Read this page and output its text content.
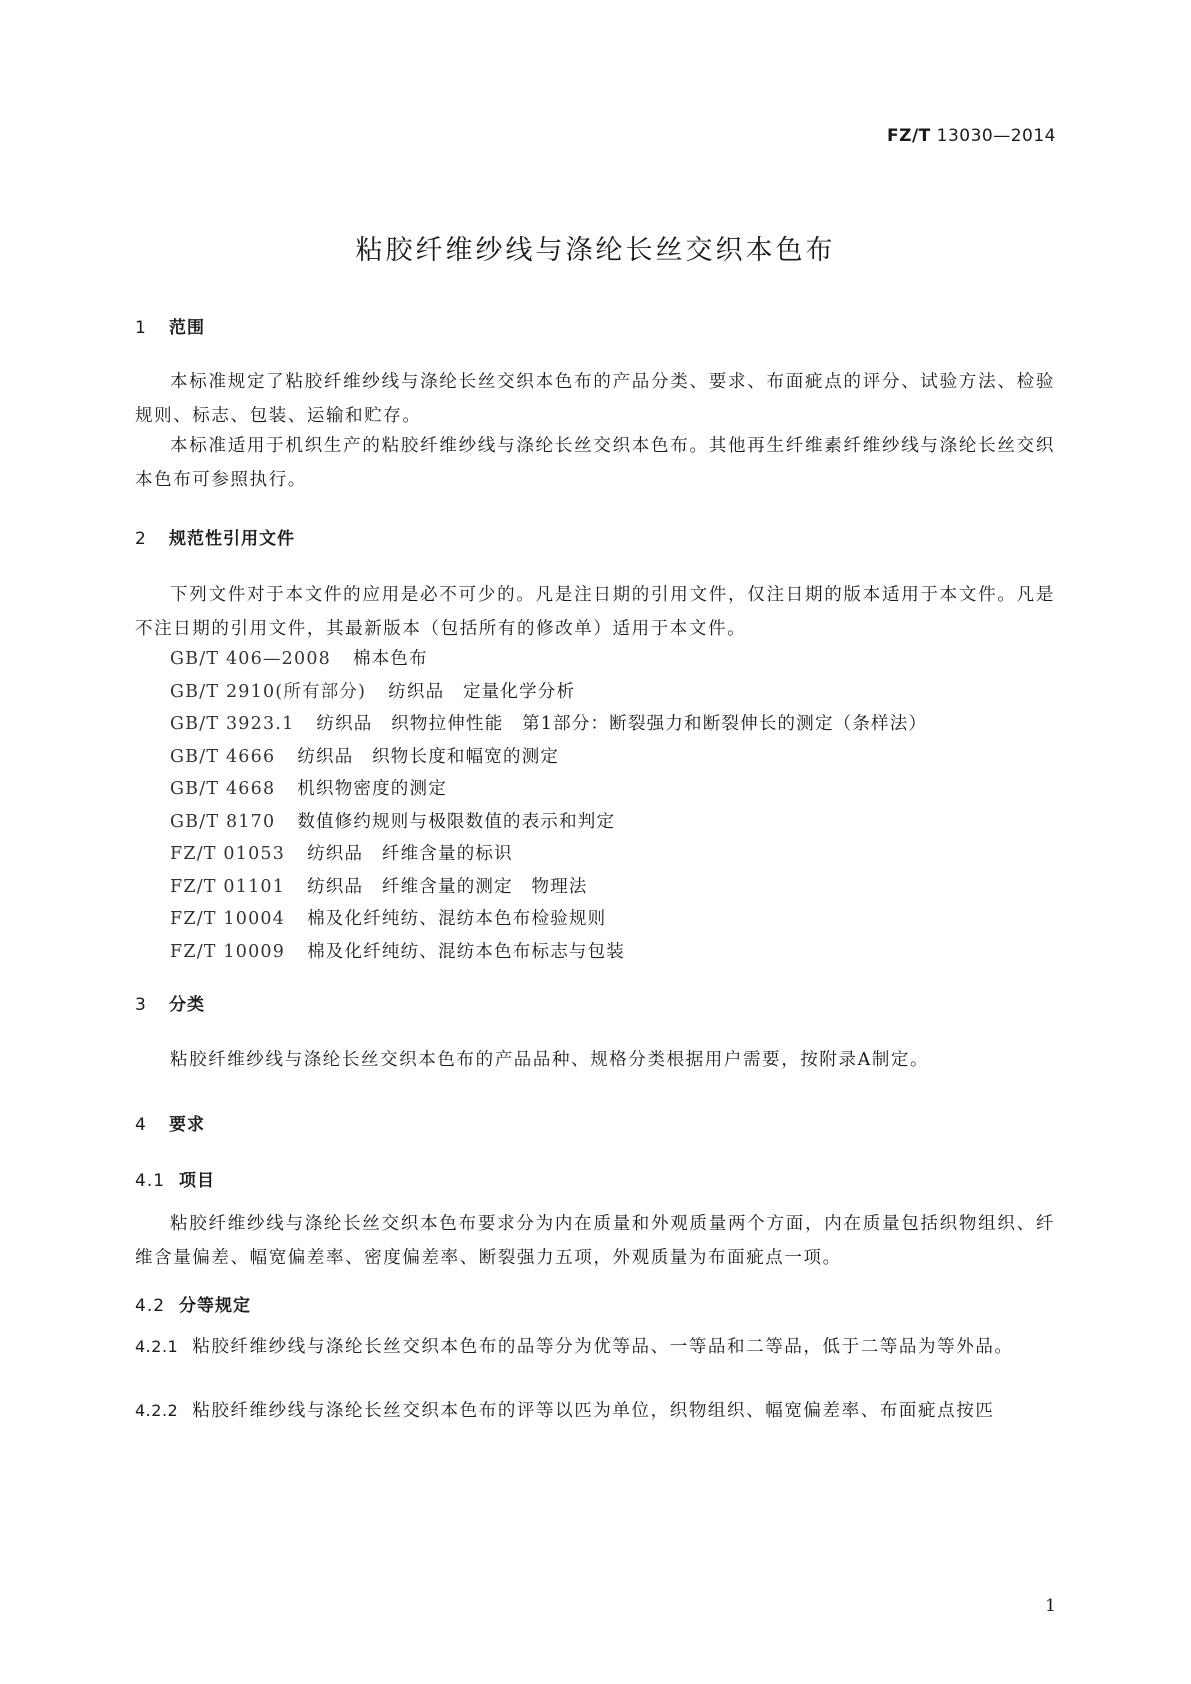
FZ/T 13030—2014
粘胶纤维纱线与涤纶长丝交织本色布
1 范围

本标准规定了粘胶纤维纱线与涤纶长丝交织本色布的产品分类、要求、布面疵点的评分、试验方法、检验规则、标志、包装、运输和贮存。

本标准适用于机织生产的粘胶纤维纱线与涤纶长丝交织本色布。其他再生纤维素纤维纱线与涤纶长丝交织本色布可参照执行。

2 规范性引用文件

下列文件对于本文件的应用是必不可少的。凡是注日期的引用文件，仅注日期的版本适用于本文件。凡是不注日期的引用文件，其最新版本（包括所有的修改单）适用于本文件。

GB/T 406—2008 棉本色布
GB/T 2910(所有部分) 纺织品　定量化学分析
GB/T 3923.1 纺织品　织物拉伸性能　第1部分：断裂强力和断裂伸长的测定（条样法）
GB/T 4666 纺织品　织物长度和幅宽的测定
GB/T 4668 机织物密度的测定
GB/T 8170 数值修约规则与极限数值的表示和判定
FZ/T 01053 纺织品　纤维含量的标识
FZ/T 01101 纺织品　纤维含量的测定　物理法
FZ/T 10004 棉及化纤纯纺、混纺本色布检验规则
FZ/T 10009 棉及化纤纯纺、混纺本色布标志与包装
3 分类

粘胶纤维纱线与涤纶长丝交织本色布的产品品种、规格分类根据用户需要，按附录A制定。

4 要求
4.1 项目

粘胶纤维纱线与涤纶长丝交织本色布要求分为内在质量和外观质量两个方面，内在质量包括织物组织、纤维含量偏差、幅宽偏差率、密度偏差率、断裂强力五项，外观质量为布面疵点一项。

4.2 分等规定

4.2.1 粘胶纤维纱线与涤纶长丝交织本色布的品等分为优等品、一等品和二等品，低于二等品为等外品。

4.2.2 粘胶纤维纱线与涤纶长丝交织本色布的评等以匹为单位，织物组织、幅宽偏差率、布面疵点按匹

1
